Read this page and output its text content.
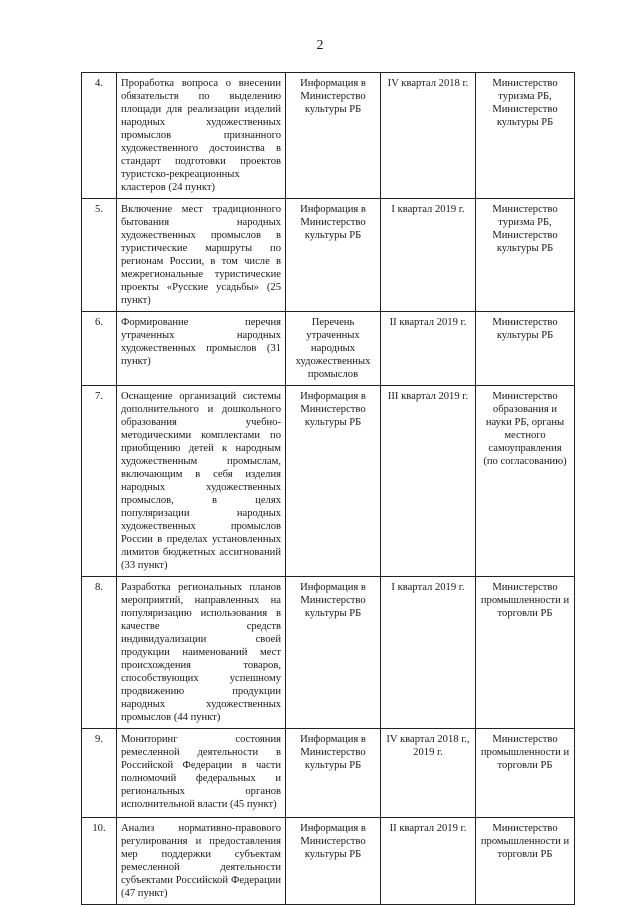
2
4.	Проработка вопроса о внесении обязательств по выделению площади для реализации изделий народных художественных промыслов признанного художественного достоинства в стандарт подготовки проектов туристско-рекреационных кластеров (24 пункт)	Информация в Министерство культуры РБ	IV квартал 2018 г.	Министерство туризма РБ, Министерство культуры РБ
5.	Включение мест традиционного бытования народных художественных промыслов в туристические маршруты по регионам России, в том числе в межрегиональные туристические проекты «Русские усадьбы» (25 пункт)	Информация в Министерство культуры РБ	I квартал 2019 г.	Министерство туризма РБ, Министерство культуры РБ
6.	Формирование перечня утраченных народных художественных промыслов (31 пункт)	Перечень утраченных народных художественных промыслов	II квартал 2019 г.	Министерство культуры РБ
7.	Оснащение организаций системы дополнительного и дошкольного образования учебно-методическими комплектами по приобщению детей к народным художественным промыслам, включающим в себя изделия народных художественных промыслов, в целях популяризации народных художественных промыслов России в пределах установленных лимитов бюджетных ассигнований (33 пункт)	Информация в Министерство культуры РБ	III квартал 2019 г.	Министерство образования и науки РБ, органы местного самоуправления (по согласованию)
8.	Разработка региональных планов мероприятий, направленных на популяризацию использования в качестве средств индивидуализации своей продукции наименований мест происхождения товаров, способствующих успешному продвижению продукции народных художественных промыслов (44 пункт)	Информация в Министерство культуры РБ	I квартал 2019 г.	Министерство промышленности и торговли РБ
9.	Мониторинг состояния ремесленной деятельности в Российской Федерации в части полномочий федеральных и региональных органов исполнительной власти (45 пункт)	Информация в Министерство культуры РБ	IV квартал 2018 г., 2019 г.	Министерство промышленности и торговли РБ
10.	Анализ нормативно-правового регулирования и предоставления мер поддержки субъектам ремесленной деятельности субъектами Российской Федерации (47 пункт)	Информация в Министерство культуры РБ	II квартал 2019 г.	Министерство промышленности и торговли РБ
